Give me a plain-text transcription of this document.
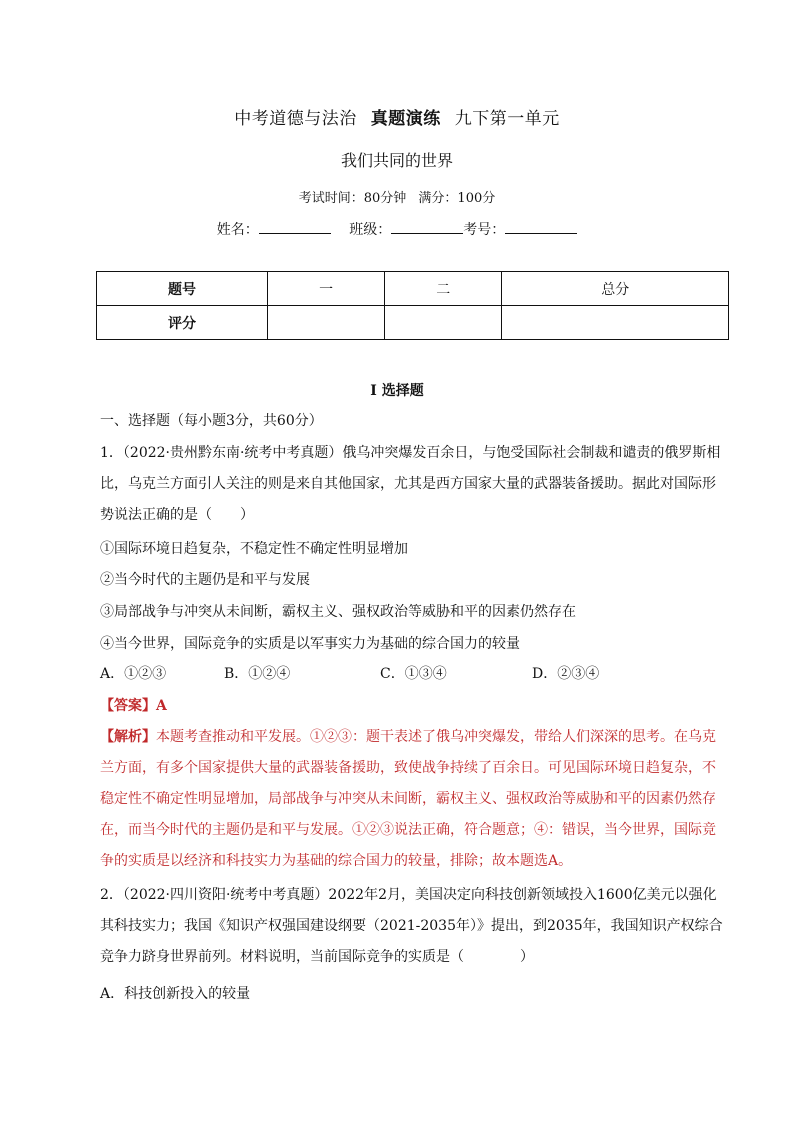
中考道德与法治 真题演练 九下第一单元
我们共同的世界
考试时间：80分钟 满分：100分
姓名：	班级：	考号：
题号	一	二	总分
评分			
I 选择题

一、选择题（每小题3分，共60分）

1．（2022·贵州黔东南·统考中考真题）俄乌冲突爆发百余日，与饱受国际社会制裁和谴责的俄罗斯相比，乌克兰方面引人关注的则是来自其他国家，尤其是西方国家大量的武器装备援助。据此对国际形势说法正确的是（　　）

①国际环境日趋复杂，不稳定性不确定性明显增加

②当今时代的主题仍是和平与发展

③局部战争与冲突从未间断，霸权主义、强权政治等威胁和平的因素仍然存在

④当今世界，国际竞争的实质是以军事实力为基础的综合国力的较量

A．①②③	B．①②④	C．①③④	D．②③④

【答案】A

【解析】本题考查推动和平发展。①②③：题干表述了俄乌冲突爆发，带给人们深深的思考。在乌克兰方面，有多个国家提供大量的武器装备援助，致使战争持续了百余日。可见国际环境日趋复杂，不稳定性不确定性明显增加，局部战争与冲突从未间断，霸权主义、强权政治等威胁和平的因素仍然存在，而当今时代的主题仍是和平与发展。①②③说法正确，符合题意；④：错误，当今世界，国际竞争的实质是以经济和科技实力为基础的综合国力的较量，排除；故本题选A。

2．（2022·四川资阳·统考中考真题）2022年2月，美国决定向科技创新领域投入1600亿美元以强化其科技实力；我国《知识产权强国建设纲要（2021-2035年）》提出，到2035年，我国知识产权综合竞争力跻身世界前列。材料说明，当前国际竞争的实质是（　　　　）

A．科技创新投入的较量
